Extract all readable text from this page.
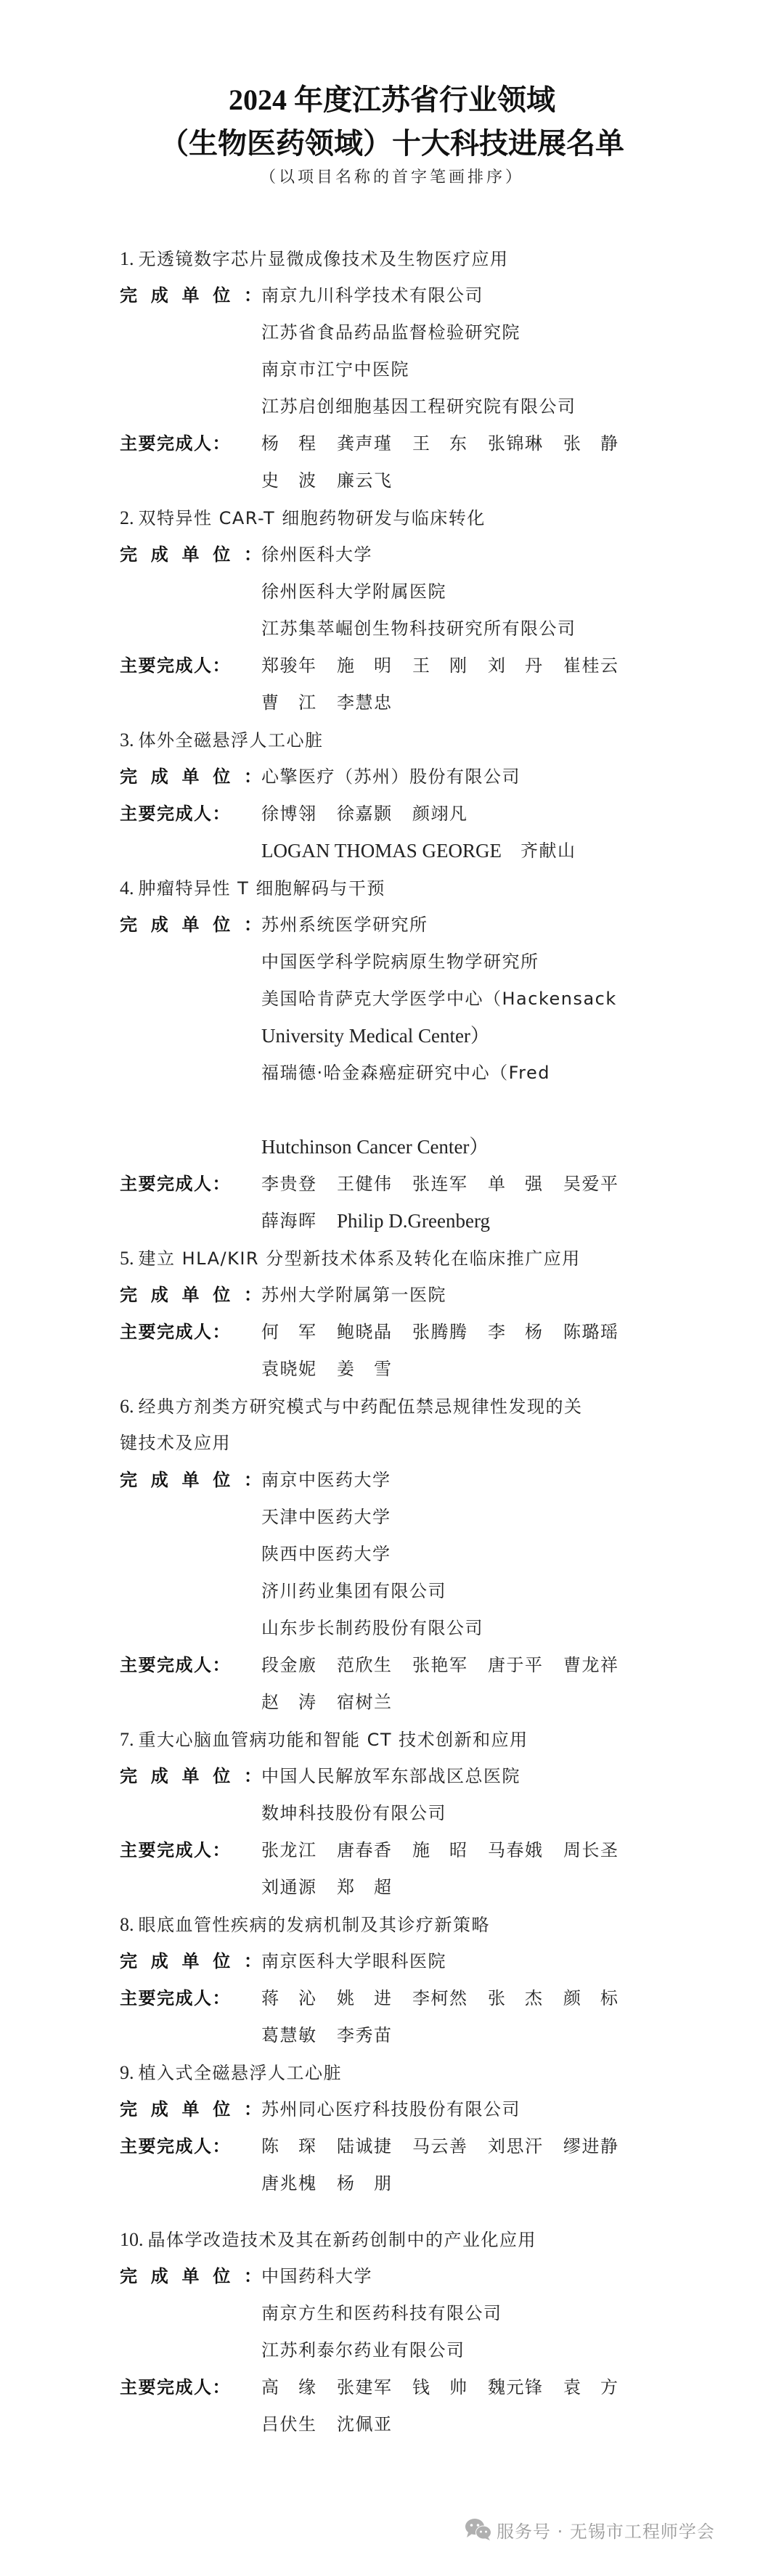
2024 年度江苏省行业领域
（生物医药领域）十大科技进展名单
（以项目名称的首字笔画排序）
1. 无透镜数字芯片显微成像技术及生物医疗应用
完 成 单 位 ： 南京九川科学技术有限公司
江苏省食品药品监督检验研究院
南京市江宁中医院
江苏启创细胞基因工程研究院有限公司
主要完成人：	杨　程	龚声瑾	王　东	张锦琳	张　静
史　波	廉云飞
2. 双特异性 CAR-T 细胞药物研发与临床转化
完 成 单 位 ： 徐州医科大学
徐州医科大学附属医院
江苏集萃崛创生物科技研究所有限公司
主要完成人：	郑骏年	施　明	王　刚	刘　丹	崔桂云
曹　江	李慧忠
3. 体外全磁悬浮人工心脏
完 成 单 位 ： 心擎医疗（苏州）股份有限公司
主要完成人：	徐博翎	徐嘉颢	颜翊凡
LOGAN THOMAS GEORGE 齐献山
4. 肿瘤特异性 T 细胞解码与干预
完 成 单 位 ： 苏州系统医学研究所
中国医学科学院病原生物学研究所
美国哈肯萨克大学医学中心（Hackensack
University Medical Center）
福瑞德·哈金森癌症研究中心（Fred
Hutchinson Cancer Center）
主要完成人：	李贵登	王健伟	张连军	单　强	吴爱平
薛海晖	Philip D.Greenberg
5. 建立 HLA/KIR 分型新技术体系及转化在临床推广应用
完 成 单 位 ： 苏州大学附属第一医院
主要完成人：	何　军	鲍晓晶	张腾腾	李　杨	陈璐瑶
袁晓妮	姜　雪
6. 经典方剂类方研究模式与中药配伍禁忌规律性发现的关
键技术及应用
完 成 单 位 ： 南京中医药大学
天津中医药大学
陕西中医药大学
济川药业集团有限公司
山东步长制药股份有限公司
主要完成人：	段金廒	范欣生	张艳军	唐于平	曹龙祥
赵　涛	宿树兰
7. 重大心脑血管病功能和智能 CT 技术创新和应用
完 成 单 位 ： 中国人民解放军东部战区总医院
数坤科技股份有限公司
主要完成人：	张龙江	唐春香	施　昭	马春娥	周长圣
刘通源	郑　超
8. 眼底血管性疾病的发病机制及其诊疗新策略
完 成 单 位 ： 南京医科大学眼科医院
主要完成人：	蒋　沁	姚　进	李柯然	张　杰	颜　标
葛慧敏	李秀苗
9. 植入式全磁悬浮人工心脏
完 成 单 位 ： 苏州同心医疗科技股份有限公司
主要完成人：	陈　琛	陆诚捷	马云善	刘思汗	缪进静
唐兆槐	杨　朋
10. 晶体学改造技术及其在新药创制中的产业化应用
完 成 单 位 ： 中国药科大学
南京方生和医药科技有限公司
江苏利泰尔药业有限公司
主要完成人：	高　缘	张建军	钱　帅	魏元锋	袁　方
吕伏生	沈佩亚
服务号 · 无锡市工程师学会
